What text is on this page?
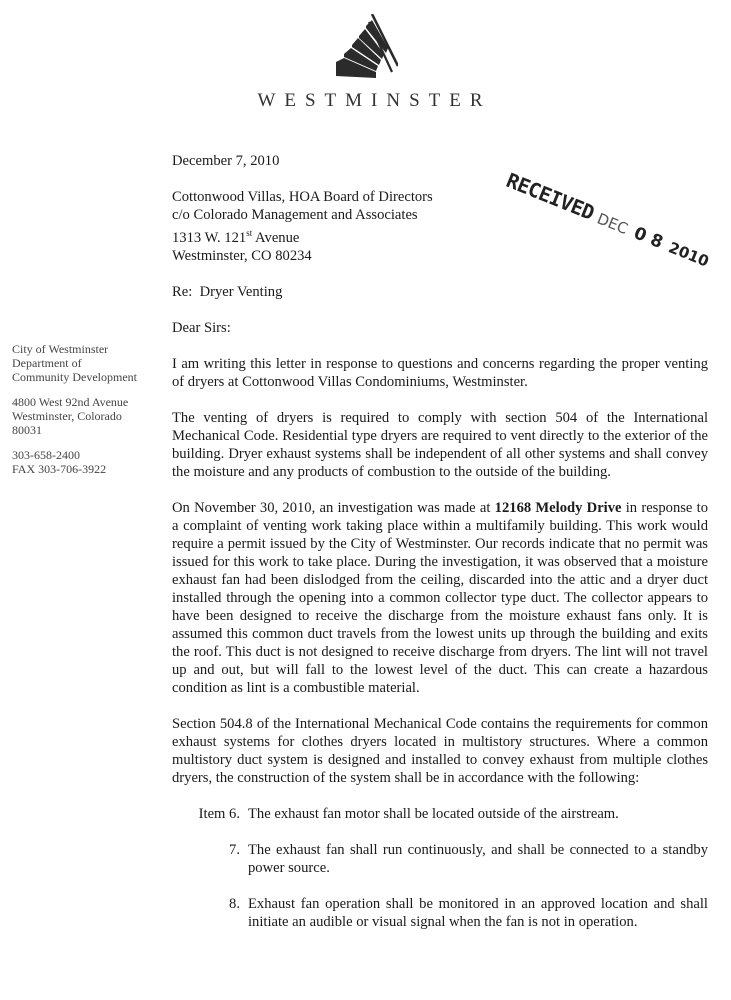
WESTMINSTER
City of Westminster
Department of
Community Development
4800 West 92nd Avenue
Westminster, Colorado
80031
303-658-2400
FAX 303-706-3922
RECEIVEDDEC0 82010

December 7, 2010

Cottonwood Villas, HOA Board of Directors
c/o Colorado Management and Associates
1313 W. 121st Avenue
Westminster, CO 80234

Re:  Dryer Venting

Dear Sirs:

I am writing this letter in response to questions and concerns regarding the proper venting of dryers at Cottonwood Villas Condominiums, Westminster.

The venting of dryers is required to comply with section 504 of the International Mechanical Code. Residential type dryers are required to vent directly to the exterior of the building. Dryer exhaust systems shall be independent of all other systems and shall convey the moisture and any products of combustion to the outside of the building.

On November 30, 2010, an investigation was made at 12168 Melody Drive in response to a complaint of venting work taking place within a multifamily building. This work would require a permit issued by the City of Westminster. Our records indicate that no permit was issued for this work to take place. During the investigation, it was observed that a moisture exhaust fan had been dislodged from the ceiling, discarded into the attic and a dryer duct installed through the opening into a common collector type duct. The collector appears to have been designed to receive the discharge from the moisture exhaust fans only. It is assumed this common duct travels from the lowest units up through the building and exits the roof. This duct is not designed to receive discharge from dryers. The lint will not travel up and out, but will fall to the lowest level of the duct. This can create a hazardous condition as lint is a combustible material.

Section 504.8 of the International Mechanical Code contains the requirements for common exhaust systems for clothes dryers located in multistory structures. Where a common multistory duct system is designed and installed to convey exhaust from multiple clothes dryers, the construction of the system shall be in accordance with the following:

Item 6. The exhaust fan motor shall be located outside of the airstream.
7. The exhaust fan shall run continuously, and shall be connected to a standby power source.
8. Exhaust fan operation shall be monitored in an approved location and shall initiate an audible or visual signal when the fan is not in operation.
